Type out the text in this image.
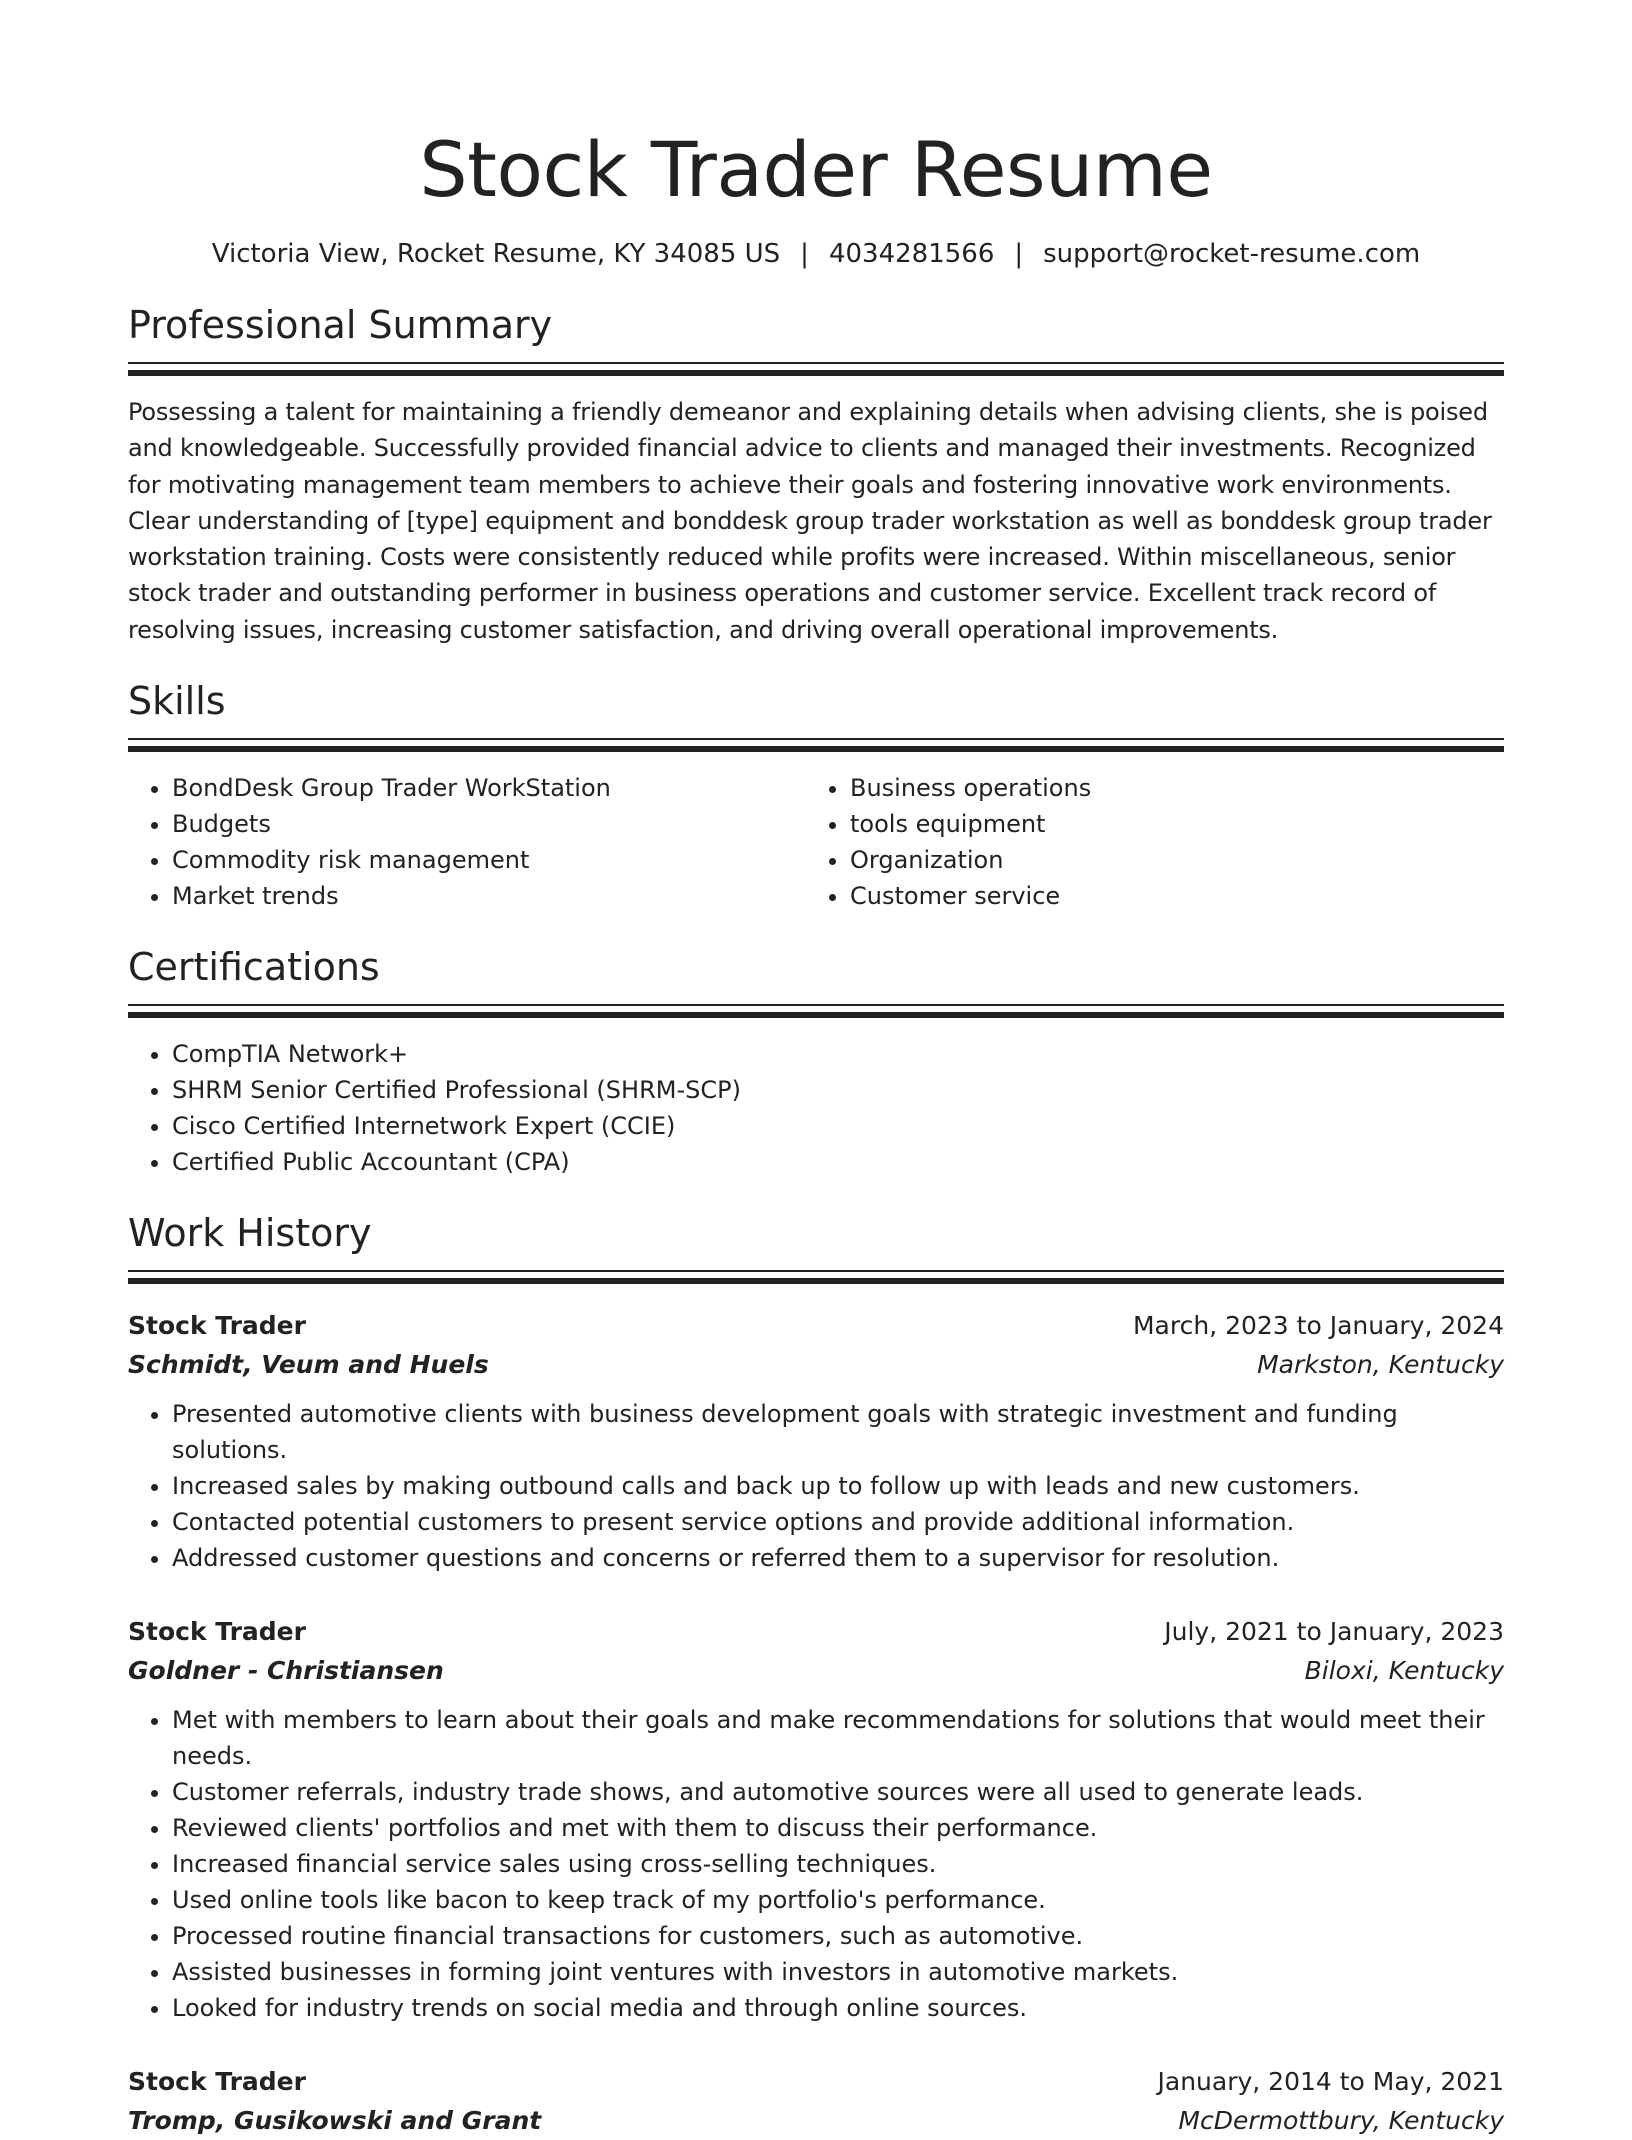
Stock Trader Resume
Victoria View, Rocket Resume, KY 34085 US | 4034281566 | support@rocket-resume.com
Professional Summary

Possessing a talent for maintaining a friendly demeanor and explaining details when advising clients, she is poised and knowledgeable. Successfully provided financial advice to clients and managed their investments. Recognized for motivating management team members to achieve their goals and fostering innovative work environments. Clear understanding of [type] equipment and bonddesk group trader workstation as well as bonddesk group trader workstation training. Costs were consistently reduced while profits were increased. Within miscellaneous, senior stock trader and outstanding performer in business operations and customer service. Excellent track record of resolving issues, increasing customer satisfaction, and driving overall operational improvements.

Skills
• BondDesk Group Trader WorkStation
• Budgets
• Commodity risk management
• Market trends
• Business operations
• tools equipment
• Organization
• Customer service
Certifications
• CompTIA Network+
• SHRM Senior Certified Professional (SHRM-SCP)
• Cisco Certified Internetwork Expert (CCIE)
• Certified Public Accountant (CPA)
Work History
Stock Trader	March, 2023 to January, 2024
Schmidt, Veum and Huels	Markston, Kentucky
• Presented automotive clients with business development goals with strategic investment and funding solutions.
• Increased sales by making outbound calls and back up to follow up with leads and new customers.
• Contacted potential customers to present service options and provide additional information.
• Addressed customer questions and concerns or referred them to a supervisor for resolution.
Stock Trader	July, 2021 to January, 2023
Goldner - Christiansen	Biloxi, Kentucky
• Met with members to learn about their goals and make recommendations for solutions that would meet their needs.
• Customer referrals, industry trade shows, and automotive sources were all used to generate leads.
• Reviewed clients' portfolios and met with them to discuss their performance.
• Increased financial service sales using cross-selling techniques.
• Used online tools like bacon to keep track of my portfolio's performance.
• Processed routine financial transactions for customers, such as automotive.
• Assisted businesses in forming joint ventures with investors in automotive markets.
• Looked for industry trends on social media and through online sources.
Stock Trader	January, 2014 to May, 2021
Tromp, Gusikowski and Grant	McDermottbury, Kentucky
